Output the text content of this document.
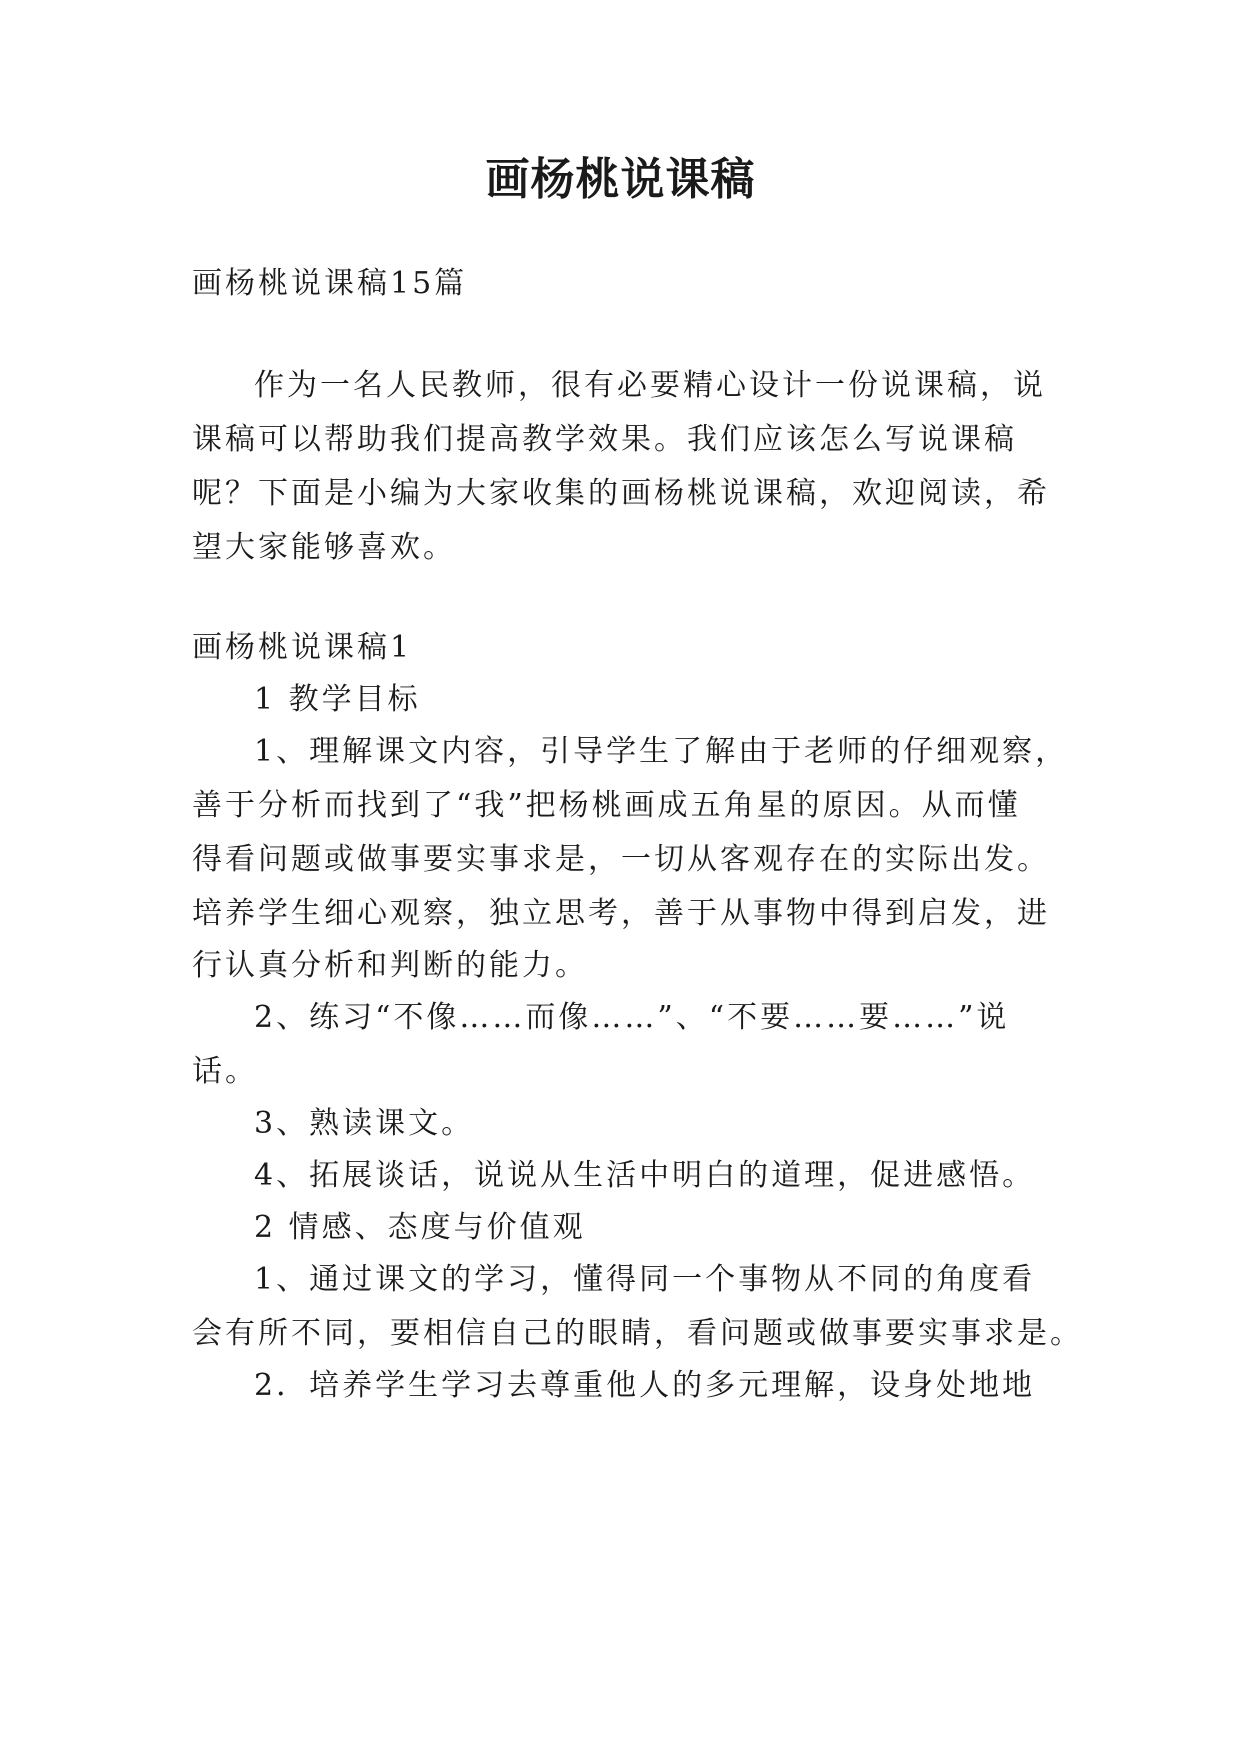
画杨桃说课稿
画杨桃说课稿15篇
作为一名人民教师，很有必要精心设计一份说课稿，说
课稿可以帮助我们提高教学效果。我们应该怎么写说课稿
呢？下面是小编为大家收集的画杨桃说课稿，欢迎阅读，希
望大家能够喜欢。
画杨桃说课稿1
1 教学目标
1、理解课文内容，引导学生了解由于老师的仔细观察，
善于分析而找到了“我”把杨桃画成五角星的原因。从而懂
得看问题或做事要实事求是，一切从客观存在的实际出发。
培养学生细心观察，独立思考，善于从事物中得到启发，进
行认真分析和判断的能力。
2、练习“不像……而像……”、“不要……要……”说
话。
3、熟读课文。
4、拓展谈话，说说从生活中明白的道理，促进感悟。
2 情感、态度与价值观
1、通过课文的学习，懂得同一个事物从不同的角度看
会有所不同，要相信自己的眼睛，看问题或做事要实事求是。
2．培养学生学习去尊重他人的多元理解，设身处地地
